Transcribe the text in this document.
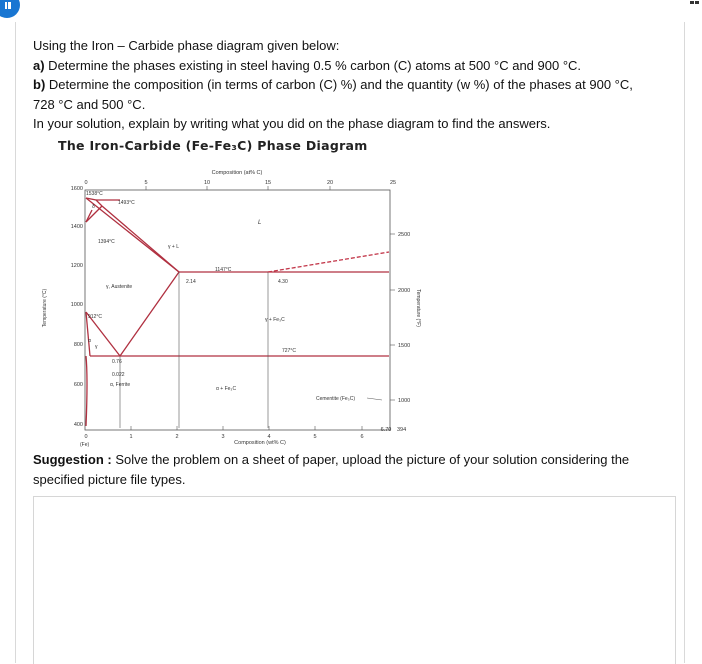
Using the Iron – Carbide phase diagram given below:

a) Determine the phases existing in steel having 0.5 % carbon (C) atoms at 500 °C and 900 °C.

b) Determine the composition (in terms of carbon (C) %) and the quantity (w %) of the phases at 900 °C,

728 °C and 500 °C.

In your solution, explain by writing what you did on the phase diagram to find the answers.

The Iron-Carbide (Fe-Fe₃C) Phase Diagram
Composition (at% C)
0	5	10	15	20	25
Temperature (°C)
1600
1400
1200
1000
800
600
400
Temperature (°F)
2500
2000
1500
1000
394
0	1	2	3	4	5	6
6.70
(Fe)	Composition (wt% C)
1538°C
1493°C
1394°C
1147°C
912°C
727°C
2.14	4.30
0.76
0.022
δ
L
γ + L
γ, Austenite
γ + Fe₃C
α + Fe₃C
α, Ferrite
α
γ
Cementite (Fe₃C)
Suggestion : Solve the problem on a sheet of paper, upload the picture of your solution considering the
specified picture file types.
